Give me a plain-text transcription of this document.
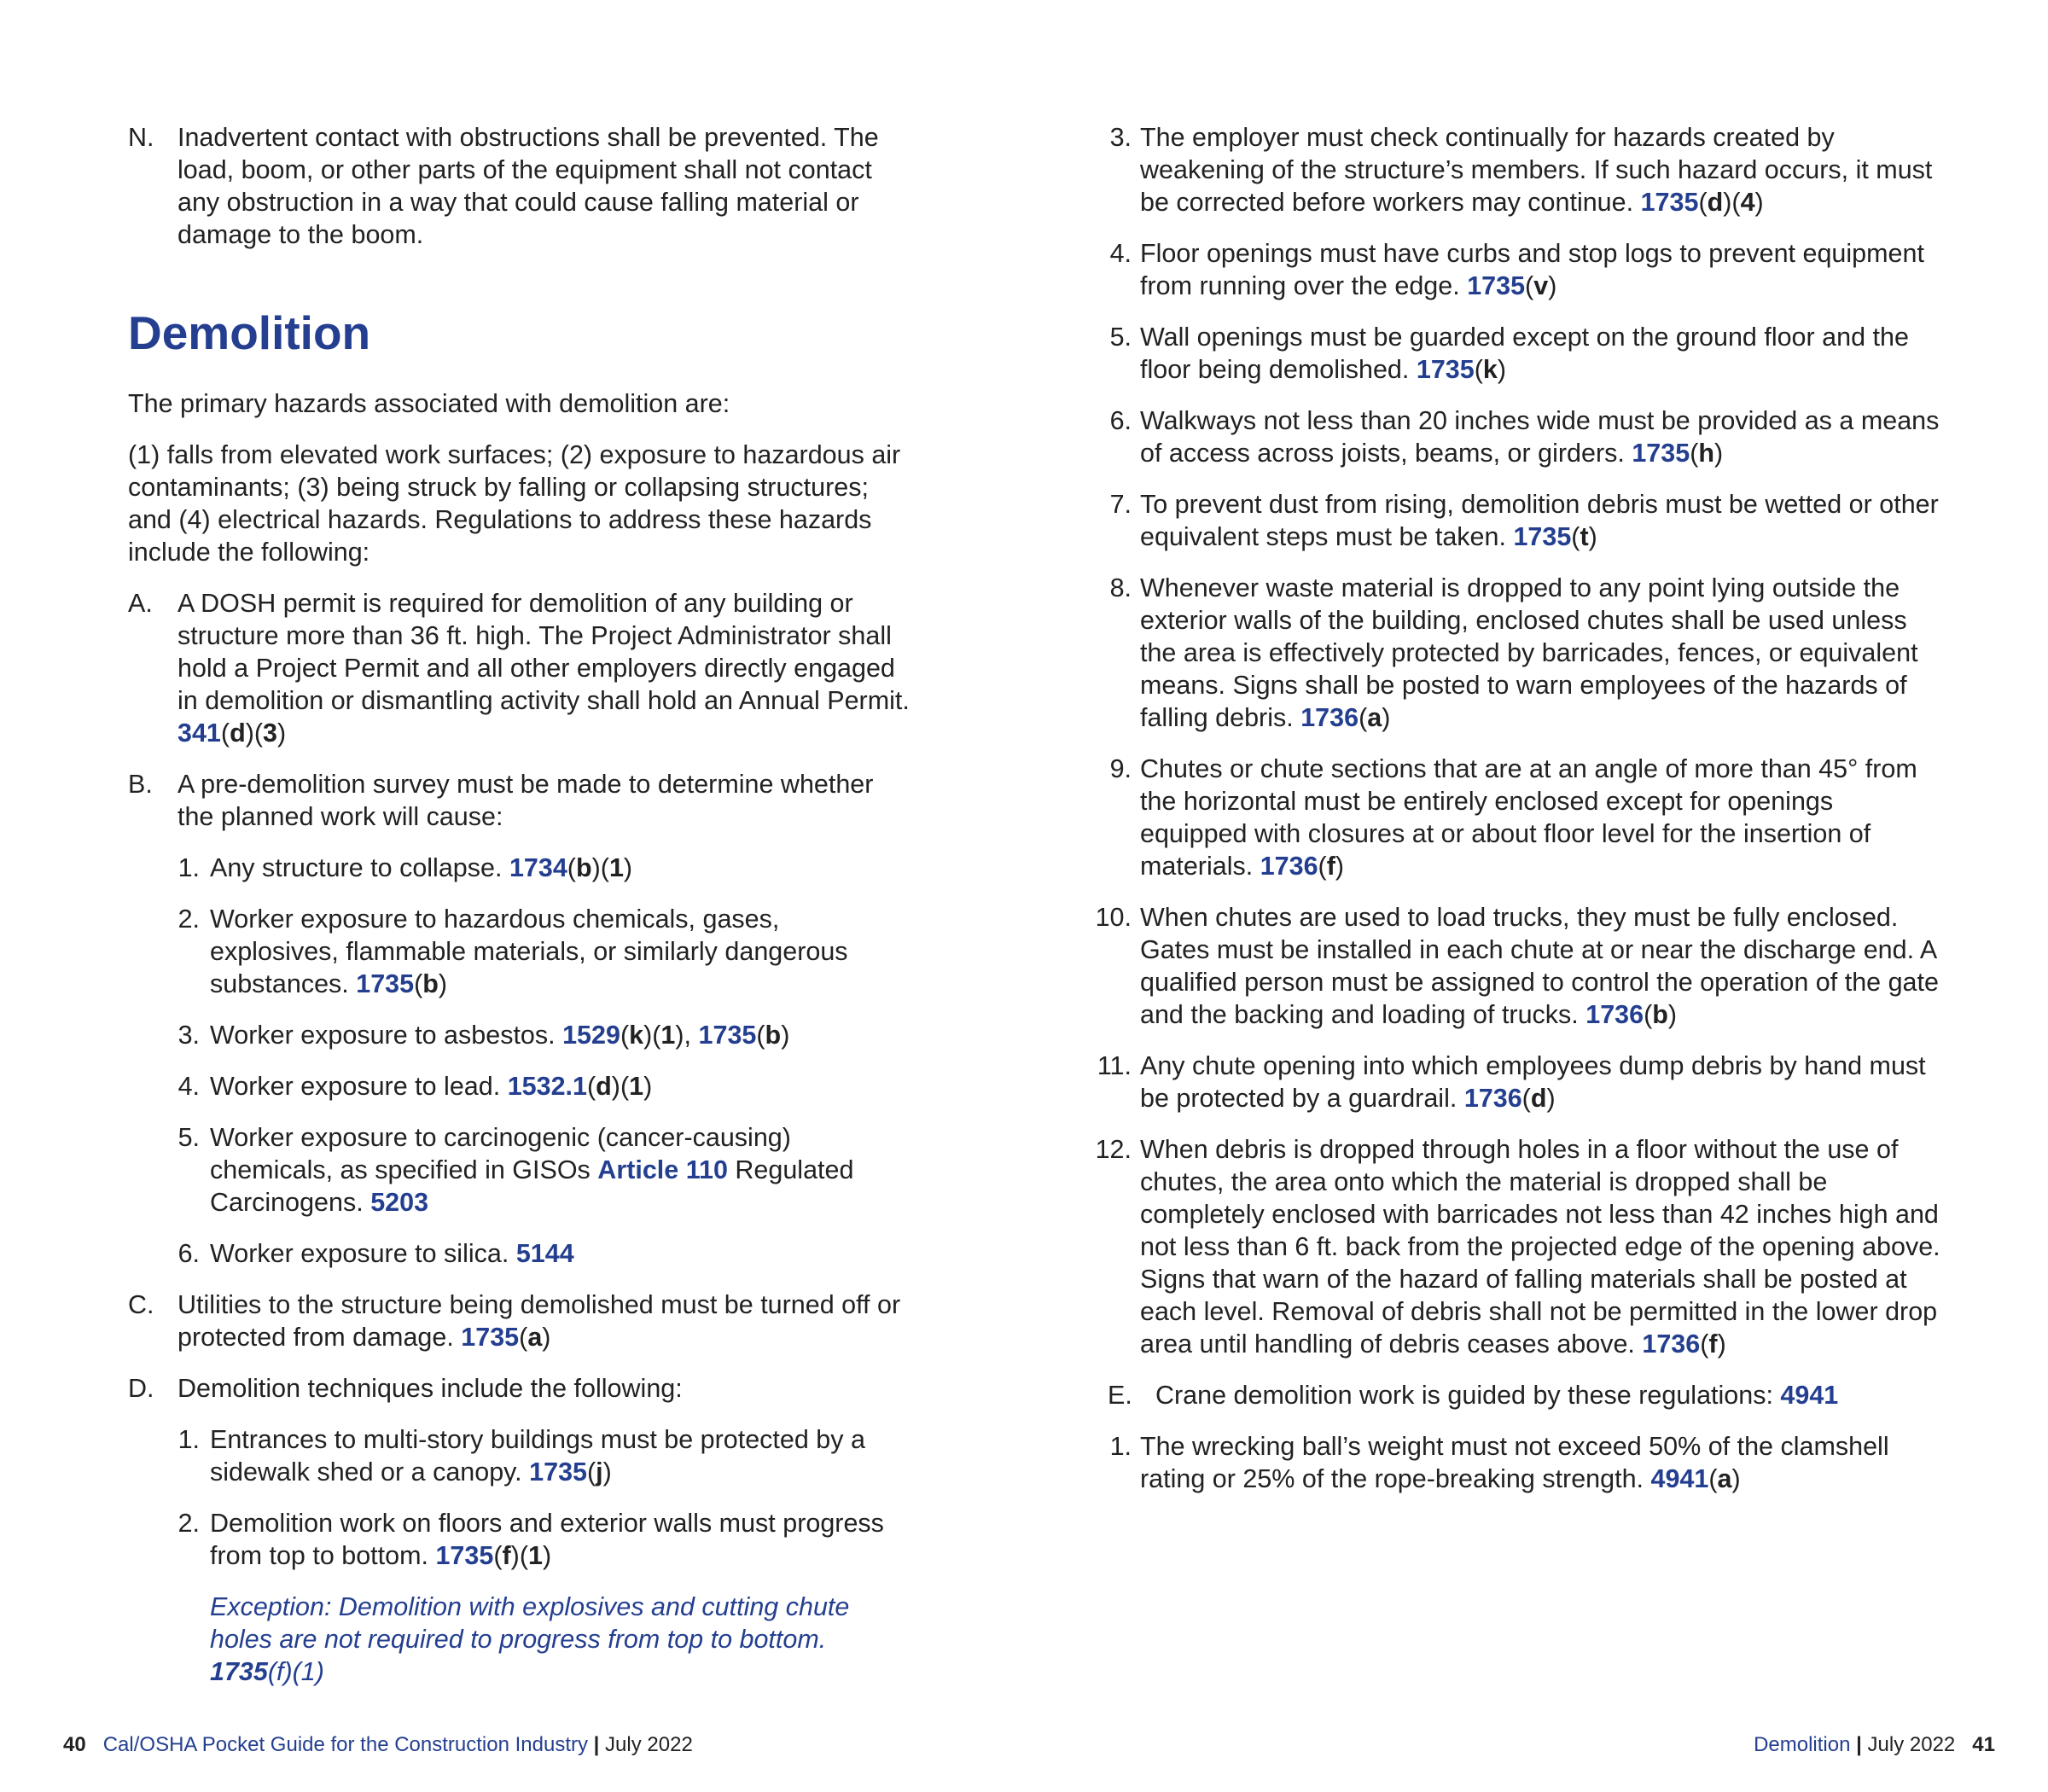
N. Inadvertent contact with obstructions shall be prevented. The load, boom, or other parts of the equipment shall not contact any obstruction in a way that could cause falling material or damage to the boom.
Demolition

The primary hazards associated with demolition are:

(1) falls from elevated work surfaces; (2) exposure to hazardous air contaminants; (3) being struck by falling or collapsing structures; and (4) electrical hazards. Regulations to address these hazards include the following:

A. A DOSH permit is required for demolition of any building or structure more than 36 ft. high. The Project Administrator shall hold a Project Permit and all other employers directly engaged in demolition or dismantling activity shall hold an Annual Permit. 341(d)(3)
B. A pre-demolition survey must be made to determine whether the planned work will cause:
1. Any structure to collapse. 1734(b)(1)
2. Worker exposure to hazardous chemicals, gases, explosives, flammable materials, or similarly dangerous substances. 1735(b)
3. Worker exposure to asbestos. 1529(k)(1), 1735(b)
4. Worker exposure to lead. 1532.1(d)(1)
5. Worker exposure to carcinogenic (cancer-causing) chemicals, as specified in GISOs Article 110 Regulated Carcinogens. 5203
6. Worker exposure to silica. 5144
C. Utilities to the structure being demolished must be turned off or protected from damage. 1735(a)
D. Demolition techniques include the following:
1. Entrances to multi-story buildings must be protected by a sidewalk shed or a canopy. 1735(j)
2. Demolition work on floors and exterior walls must progress from top to bottom. 1735(f)(1)

Exception: Demolition with explosives and cutting chute holes are not required to progress from top to bottom. 1735(f)(1)

40 Cal/OSHA Pocket Guide for the Construction Industry | July 2022
3. The employer must check continually for hazards created by weakening of the structure’s members. If such hazard occurs, it must be corrected before workers may continue. 1735(d)(4)
4. Floor openings must have curbs and stop logs to prevent equipment from running over the edge. 1735(v)
5. Wall openings must be guarded except on the ground floor and the floor being demolished. 1735(k)
6. Walkways not less than 20 inches wide must be provided as a means of access across joists, beams, or girders. 1735(h)
7. To prevent dust from rising, demolition debris must be wetted or other equivalent steps must be taken. 1735(t)
8. Whenever waste material is dropped to any point lying outside the exterior walls of the building, enclosed chutes shall be used unless the area is effectively protected by barricades, fences, or equivalent means. Signs shall be posted to warn employees of the hazards of falling debris. 1736(a)
9. Chutes or chute sections that are at an angle of more than 45° from the horizontal must be entirely enclosed except for openings equipped with closures at or about floor level for the insertion of materials. 1736(f)
10. When chutes are used to load trucks, they must be fully enclosed. Gates must be installed in each chute at or near the discharge end. A qualified person must be assigned to control the operation of the gate and the backing and loading of trucks. 1736(b)
11. Any chute opening into which employees dump debris by hand must be protected by a guardrail. 1736(d)
12. When debris is dropped through holes in a floor without the use of chutes, the area onto which the material is dropped shall be completely enclosed with barricades not less than 42 inches high and not less than 6 ft. back from the projected edge of the opening above. Signs that warn of the hazard of falling materials shall be posted at each level. Removal of debris shall not be permitted in the lower drop area until handling of debris ceases above. 1736(f)
E. Crane demolition work is guided by these regulations: 4941
1. The wrecking ball’s weight must not exceed 50% of the clamshell rating or 25% of the rope-breaking strength. 4941(a)
Demolition | July 2022 41
